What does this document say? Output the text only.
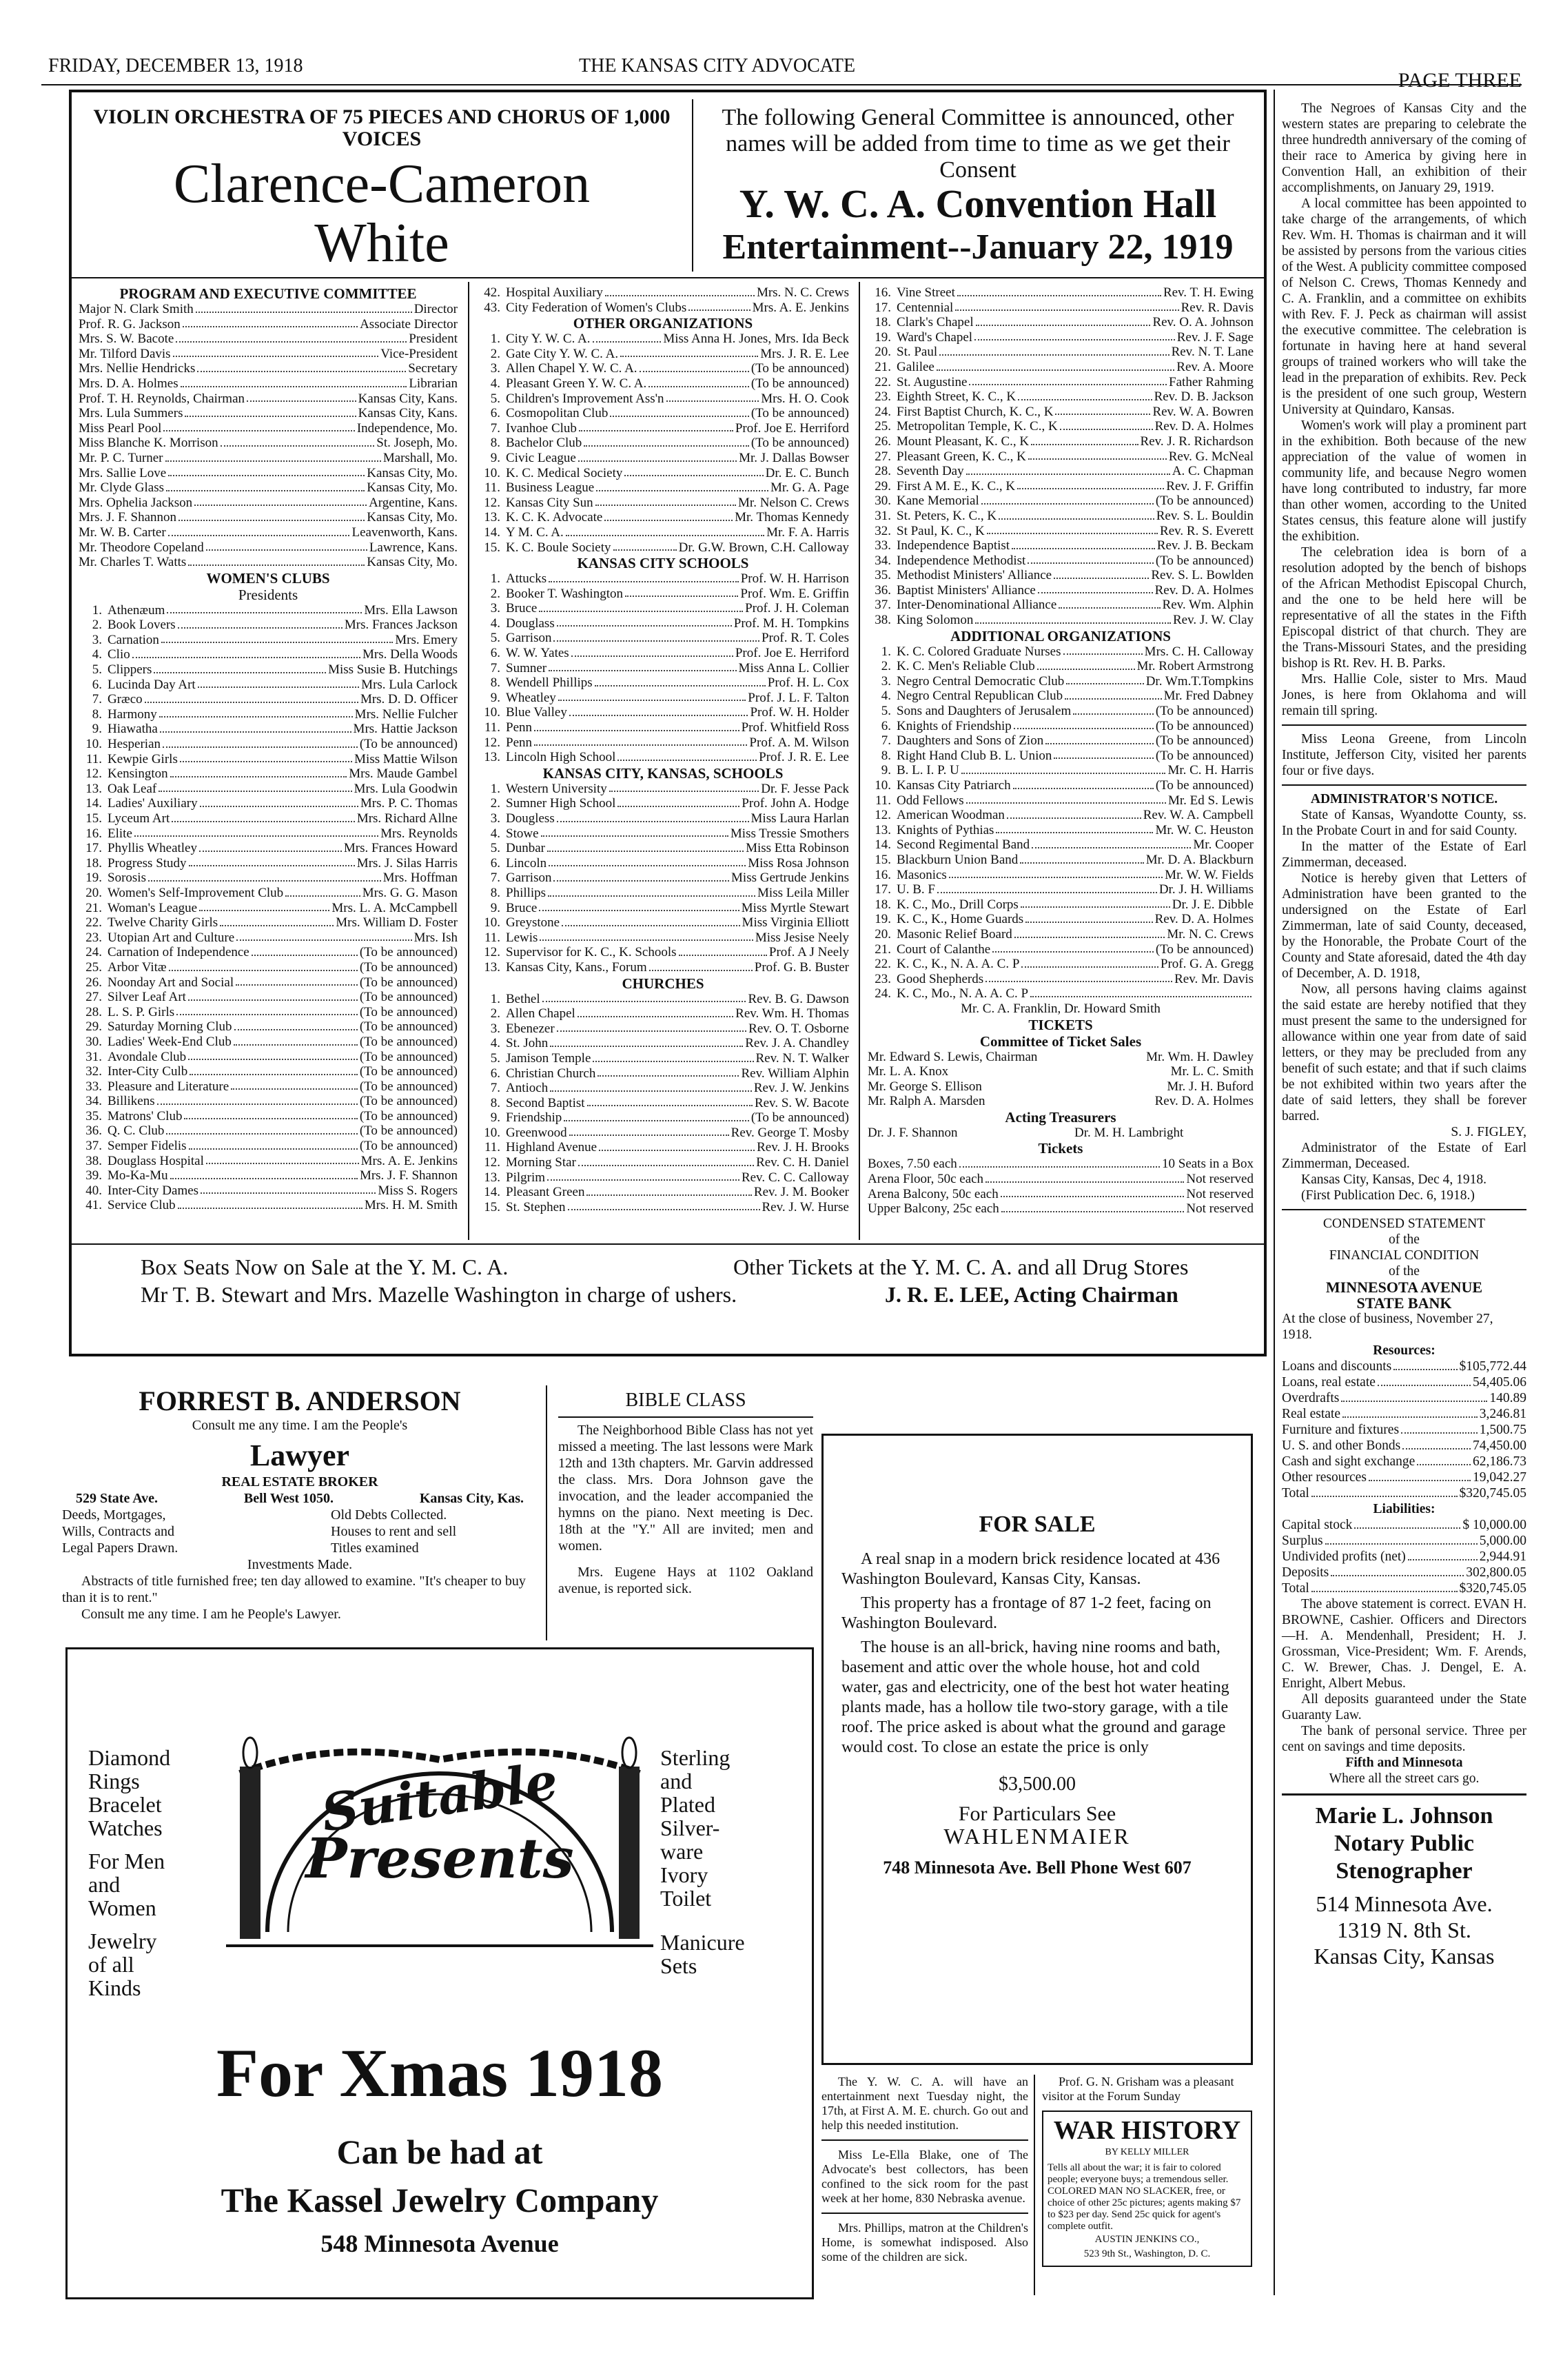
FRIDAY, DECEMBER 13, 1918	THE KANSAS CITY ADVOCATE
PAGE THREE
VIOLIN ORCHESTRA OF 75 PIECES AND CHORUS OF 1,000 VOICES
Clarence-Cameron
White
The following General Committee is announced, other names will be added from time to time as we get their Consent
Y. W. C. A. Convention Hall
Entertainment--January 22, 1919
PROGRAM AND EXECUTIVE COMMITTEE
Major N. Clark Smith	Director
Prof. R. G. Jackson	Associate Director
Mrs. S. W. Bacote	President
Mr. Tilford Davis	Vice-President
Mrs. Nellie Hendricks	Secretary
Mrs. D. A. Holmes	Librarian
Prof. T. H. Reynolds, Chairman	Kansas City, Kans.
Mrs. Lula Summers	Kansas City, Kans.
Miss Pearl Pool	Independence, Mo.
Miss Blanche K. Morrison	St. Joseph, Mo.
Mr. P. C. Turner	Marshall, Mo.
Mrs. Sallie Love	Kansas City, Mo.
Mr. Clyde Glass	Kansas City, Mo.
Mrs. Ophelia Jackson	Argentine, Kans.
Mrs. J. F. Shannon	Kansas City, Mo.
Mr. W. B. Carter	Leavenworth, Kans.
Mr. Theodore Copeland	Lawrence, Kans.
Mr. Charles T. Watts	Kansas City, Mo.
WOMEN'S CLUBS
Presidents
1. Athenæum	Mrs. Ella Lawson
2. Book Lovers	Mrs. Frances Jackson
3. Carnation	Mrs. Emery
4. Clio	Mrs. Della Woods
5. Clippers	Miss Susie B. Hutchings
6. Lucinda Day Art	Mrs. Lula Carlock
7. Græco	Mrs. D. D. Officer
8. Harmony	Mrs. Nellie Fulcher
9. Hiawatha	Mrs. Hattie Jackson
10. Hesperian	(To be announced)
11. Kewpie Girls	Miss Mattie Wilson
12. Kensington	Mrs. Maude Gambel
13. Oak Leaf	Mrs. Lula Goodwin
14. Ladies' Auxiliary	Mrs. P. C. Thomas
15. Lyceum Art	Mrs. Richard Allne
16. Elite	Mrs. Reynolds
17. Phyllis Wheatley	Mrs. Frances Howard
18. Progress Study	Mrs. J. Silas Harris
19. Sorosis	Mrs. Hoffman
20. Women's Self-Improvement Club	Mrs. G. G. Mason
21. Woman's League	Mrs. L. A. McCampbell
22. Twelve Charity Girls	Mrs. William D. Foster
23. Utopian Art and Culture	Mrs. Ish
24. Carnation of Independence	(To be announced)
25. Arbor Vitæ	(To be announced)
26. Noonday Art and Social	(To be announced)
27. Silver Leaf Art	(To be announced)
28. L. S. P. Girls	(To be announced)
29. Saturday Morning Club	(To be announced)
30. Ladies' Week-End Club	(To be announced)
31. Avondale Club	(To be announced)
32. Inter-City Culb	(To be announced)
33. Pleasure and Literature	(To be announced)
34. Billikens	(To be announced)
35. Matrons' Club	(To be announced)
36. Q. C. Club	(To be announced)
37. Semper Fidelis	(To be announced)
38. Douglass Hospital	Mrs. A. E. Jenkins
39. Mo-Ka-Mu	Mrs. J. F. Shannon
40. Inter-City Dames	Miss S. Rogers
41. Service Club	Mrs. H. M. Smith
42. Hospital Auxiliary	Mrs. N. C. Crews
43. City Federation of Women's Clubs	Mrs. A. E. Jenkins
OTHER ORGANIZATIONS
1. City Y. W. C. A.	Miss Anna H. Jones, Mrs. Ida Beck
2. Gate City Y. W. C. A.	Mrs. J. R. E. Lee
3. Allen Chapel Y. W. C. A.	(To be announced)
4. Pleasant Green Y. W. C. A.	(To be announced)
5. Children's Improvement Ass'n	Mrs. H. O. Cook
6. Cosmopolitan Club	(To be announced)
7. Ivanhoe Club	Prof. Joe E. Herriford
8. Bachelor Club	(To be announced)
9. Civic League	Mr. J. Dallas Bowser
10. K. C. Medical Society	Dr. E. C. Bunch
11. Business League	Mr. G. A. Page
12. Kansas City Sun	Mr. Nelson C. Crews
13. K. C. K. Advocate	Mr. Thomas Kennedy
14. Y M. C. A.	Mr. F. A. Harris
15. K. C. Boule Society	Dr. G.W. Brown, C.H. Calloway
KANSAS CITY SCHOOLS
1. Attucks	Prof. W. H. Harrison
2. Booker T. Washington	Prof. Wm. E. Griffin
3. Bruce	Prof. J. H. Coleman
4. Douglass	Prof. M. H. Tompkins
5. Garrison	Prof. R. T. Coles
6. W. W. Yates	Prof. Joe E. Herriford
7. Sumner	Miss Anna L. Collier
8. Wendell Phillips	Prof. H. L. Cox
9. Wheatley	Prof. J. L. F. Talton
10. Blue Valley	Prof. W. H. Holder
11. Penn	Prof. Whitfield Ross
12. Penn	Prof. A. M. Wilson
13. Lincoln High School	Prof. J. R. E. Lee
KANSAS CITY, KANSAS, SCHOOLS
1. Western University	Dr. F. Jesse Pack
2. Sumner High School	Prof. John A. Hodge
3. Dougless	Miss Laura Harlan
4. Stowe	Miss Tressie Smothers
5. Dunbar	Miss Etta Robinson
6. Lincoln	Miss Rosa Johnson
7. Garrison	Miss Gertrude Jenkins
8. Phillips	Miss Leila Miller
9. Bruce	Miss Myrtle Stewart
10. Greystone	Miss Virginia Elliott
11. Lewis	Miss Jesise Neely
12. Supervisor for K. C., K. Schools	Prof. A J Neely
13. Kansas City, Kans., Forum	Prof. G. B. Buster
CHURCHES
1. Bethel	Rev. B. G. Dawson
2. Allen Chapel	Rev. Wm. H. Thomas
3. Ebenezer	Rev. O. T. Osborne
4. St. John	Rev. J. A. Chandley
5. Jamison Temple	Rev. N. T. Walker
6. Christian Church	Rev. William Alphin
7. Antioch	Rev. J. W. Jenkins
8. Second Baptist	Rev. S. W. Bacote
9. Friendship	(To be announced)
10. Greenwood	Rev. George T. Mosby
11. Highland Avenue	Rev. J. H. Brooks
12. Morning Star	Rev. C. H. Daniel
13. Pilgrim	Rev. C. C. Calloway
14. Pleasant Green	Rev. J. M. Booker
15. St. Stephen	Rev. J. W. Hurse
16. Vine Street	Rev. T. H. Ewing
17. Centennial	Rev. R. Davis
18. Clark's Chapel	Rev. O. A. Johnson
19. Ward's Chapel	Rev. J. F. Sage
20. St. Paul	Rev. N. T. Lane
21. Galilee	Rev. A. Moore
22. St. Augustine	Father Rahming
23. Eighth Street, K. C., K	Rev. D. B. Jackson
24. First Baptist Church, K. C., K	Rev. W. A. Bowren
25. Metropolitan Temple, K. C., K	Rev. D. A. Holmes
26. Mount Pleasant, K. C., K	Rev. J. R. Richardson
27. Pleasant Green, K. C., K	Rev. G. McNeal
28. Seventh Day	A. C. Chapman
29. First A M. E., K. C., K	Rev. J. F. Griffin
30. Kane Memorial	(To be announced)
31. St. Peters, K. C., K	Rev. S. L. Bouldin
32. St Paul, K. C., K	Rev. R. S. Everett
33. Independence Baptist	Rev. J. B. Beckam
34. Independence Methodist	(To be announced)
35. Methodist Ministers' Alliance	Rev. S. L. Bowlden
36. Baptist Ministers' Alliance	Rev. D. A. Holmes
37. Inter-Denominational Alliance	Rev. Wm. Alphin
38. King Solomon	Rev. J. W. Clay
ADDITIONAL ORGANIZATIONS
1. K. C. Colored Graduate Nurses	Mrs. C. H. Calloway
2. K. C. Men's Reliable Club	Mr. Robert Armstrong
3. Negro Central Democratic Club	Dr. Wm.T.Tompkins
4. Negro Central Republican Club	Mr. Fred Dabney
5. Sons and Daughters of Jerusalem	(To be announced)
6. Knights of Friendship	(To be announced)
7. Daughters and Sons of Zion	(To be announced)
8. Right Hand Club B. L. Union	(To be announced)
9. B. L. I. P. U	Mr. C. H. Harris
10. Kansas City Patriarch	(To be announced)
11. Odd Fellows	Mr. Ed S. Lewis
12. American Woodman	Rev. W. A. Campbell
13. Knights of Pythias	Mr. W. C. Heuston
14. Second Regimental Band	Mr. Cooper
15. Blackburn Union Band	Mr. D. A. Blackburn
16. Masonics	Mr. W. W. Fields
17. U. B. F	Dr. J. H. Williams
18. K. C., Mo., Drill Corps	Dr. J. E. Dibble
19. K. C., K., Home Guards	Rev. D. A. Holmes
20. Masonic Relief Board	Mr. N. C. Crews
21. Court of Calanthe	(To be announced)
22. K. C., K., N. A. A. C. P	Prof. G. A. Gregg
23. Good Shepherds	Rev. Mr. Davis
24. K. C., Mo., N. A. A. C. P
Mr. C. A. Franklin, Dr. Howard Smith
TICKETS
Committee of Ticket Sales
Mr. Edward S. Lewis, Chairman	Mr. Wm. H. Dawley
Mr. L. A. Knox	Mr. L. C. Smith
Mr. George S. Ellison	Mr. J. H. Buford
Mr. Ralph A. Marsden	Rev. D. A. Holmes
Acting Treasurers
Dr. J. F. Shannon	Dr. M. H. Lambright
Tickets
Boxes, 7.50 each	10 Seats in a Box
Arena Floor, 50c each	Not reserved
Arena Balcony, 50c each	Not reserved
Upper Balcony, 25c each	Not reserved
Box Seats Now on Sale at the Y. M. C. A.
Mr T. B. Stewart and Mrs. Mazelle Washington in charge of ushers.
Other Tickets at the Y. M. C. A. and all Drug Stores
J. R. E. LEE, Acting Chairman

The Negroes of Kansas City and the western states are preparing to celebrate the three hundredth anniversary of the coming of their race to America by giving here in Convention Hall, an exhibition of their accomplishments, on January 29, 1919.

A local committee has been appointed to take charge of the arrangements, of which Rev. Wm. H. Thomas is chairman and it will be assisted by persons from the various cities of the West. A publicity committee composed of Nelson C. Crews, Thomas Kennedy and C. A. Franklin, and a committee on exhibits with Rev. F. J. Peck as chairman will assist the executive committee. The celebration is fortunate in having here at hand several groups of trained workers who will take the lead in the preparation of exhibits. Rev. Peck is the president of one such group, Western University at Quindaro, Kansas.

Women's work will play a prominent part in the exhibition. Both because of the new appreciation of the value of women in community life, and because Negro women have long contributed to industry, far more than other women, according to the United States census, this feature alone will justify the exhibition.

The celebration idea is born of a resolution adopted by the bench of bishops of the African Methodist Episcopal Church, and the one to be held here will be representative of all the states in the Fifth Episcopal district of that church. They are the Trans-Missouri States, and the presiding bishop is Rt. Rev. H. B. Parks.

Mrs. Hallie Cole, sister to Mrs. Maud Jones, is here from Oklahoma and will remain till spring.

Miss Leona Greene, from Lincoln Institute, Jefferson City, visited her parents four or five days.

ADMINISTRATOR'S NOTICE.

State of Kansas, Wyandotte County, ss. In the Probate Court in and for said County.

In the matter of the Estate of Earl Zimmerman, deceased.

Notice is hereby given that Letters of Administration have been granted to the undersigned on the Estate of Earl Zimmerman, late of said County, deceased, by the Honorable, the Probate Court of the County and State aforesaid, dated the 4th day of December, A. D. 1918,

Now, all persons having claims against the said estate are hereby notified that they must present the same to the undersigned for allowance within one year from date of said letters, or they may be precluded from any benefit of such estate; and that if such claims be not exhibited within two years after the date of said letters, they shall be forever barred.

S. J. FIGLEY,

Administrator of the Estate of Earl Zimmerman, Deceased.

Kansas City, Kansas, Dec 4, 1918.

(First Publication Dec. 6, 1918.)

CONDENSED STATEMENT
of the
FINANCIAL CONDITION
of the
MINNESOTA AVENUE
STATE BANK
At the close of business, November 27, 1918.
Resources:
Loans and discounts	$105,772.44
Loans, real estate	54,405.06
Overdrafts	140.89
Real estate	3,246.81
Furniture and fixtures	1,500.75
U. S. and other Bonds	74,450.00
Cash and sight exchange	62,186.73
Other resources	19,042.27
Total	$320,745.05
Liabilities:
Capital stock	$ 10,000.00
Surplus	5,000.00
Undivided profits (net)	2,944.91
Deposits	302,800.05
Total	$320,745.05

The above statement is correct. EVAN H. BROWNE, Cashier. Officers and Directors—H. A. Mendenhall, President; H. J. Grossman, Vice-President; Wm. F. Arends, C. W. Brewer, Chas. J. Dengel, E. A. Enright, Albert Mebus.

All deposits guaranteed under the State Guaranty Law.

The bank of personal service. Three per cent on savings and time deposits.

Fifth and Minnesota
Where all the street cars go.
Marie L. Johnson
Notary Public
Stenographer
514 Minnesota Ave.
1319 N. 8th St.
Kansas City, Kansas
FORREST B. ANDERSON
Consult me any time. I am the People's
Lawyer
REAL ESTATE BROKER
529 State Ave.	Bell West 1050.	Kansas City, Kas.
Deeds, Mortgages,	Old Debts Collected.
Wills, Contracts and	Houses to rent and sell
Legal Papers Drawn.	Titles examined
Investments Made.
Abstracts of title furnished free; ten day allowed to examine. "It's cheaper to buy than it is to rent."
Consult me any time. I am he People's Lawyer.
BIBLE CLASS
The Neighborhood Bible Class has not yet missed a meeting. The last lessons were Mark 12th and 13th chapters. Mr. Garvin addressed the class. Mrs. Dora Johnson gave the invocation, and the leader accompanied the hymns on the piano. Next meeting is Dec. 18th at the "Y." All are invited; men and women.
Mrs. Eugene Hays at 1102 Oakland avenue, is reported sick.
FOR SALE
A real snap in a modern brick residence located at 436 Washington Boulevard, Kansas City, Kansas.
This property has a frontage of 87 1-2 feet, facing on Washington Boulevard.
The house is an all-brick, having nine rooms and bath, basement and attic over the whole house, hot and cold water, gas and electricity, one of the best hot water heating plants made, has a hollow tile two-story garage, with a tile roof. The price asked is about what the ground and garage would cost. To close an estate the price is only
$3,500.00
For Particulars See
WAHLENMAIER
748 Minnesota Ave. Bell Phone West 607
Diamond
Rings
Bracelet
Watches
For Men
and
Women
Jewelry
of all
Kinds
Sterling
and
Plated
Silver-
ware
Ivory
Toilet
Manicure
Sets
Suitable
Presents
For Xmas 1918
Can be had at
The Kassel Jewelry Company
548 Minnesota Avenue
The Y. W. C. A. will have an entertainment next Tuesday night, the 17th, at First A. M. E. church. Go out and help this needed institution.
Miss Le-Ella Blake, one of The Advocate's best collectors, has been confined to the sick room for the past week at her home, 830 Nebraska avenue.
Mrs. Phillips, matron at the Children's Home, is somewhat indisposed. Also some of the children are sick.
Prof. G. N. Grisham was a pleasant visitor at the Forum Sunday
WAR HISTORY
BY KELLY MILLER
Tells all about the war; it is fair to colored people; everyone buys; a tremendous seller. COLORED MAN NO SLACKER, free, or choice of other 25c pictures; agents making $7 to $23 per day. Send 25c quick for agent's complete outfit.
AUSTIN JENKINS CO.,
523 9th St., Washington, D. C.
